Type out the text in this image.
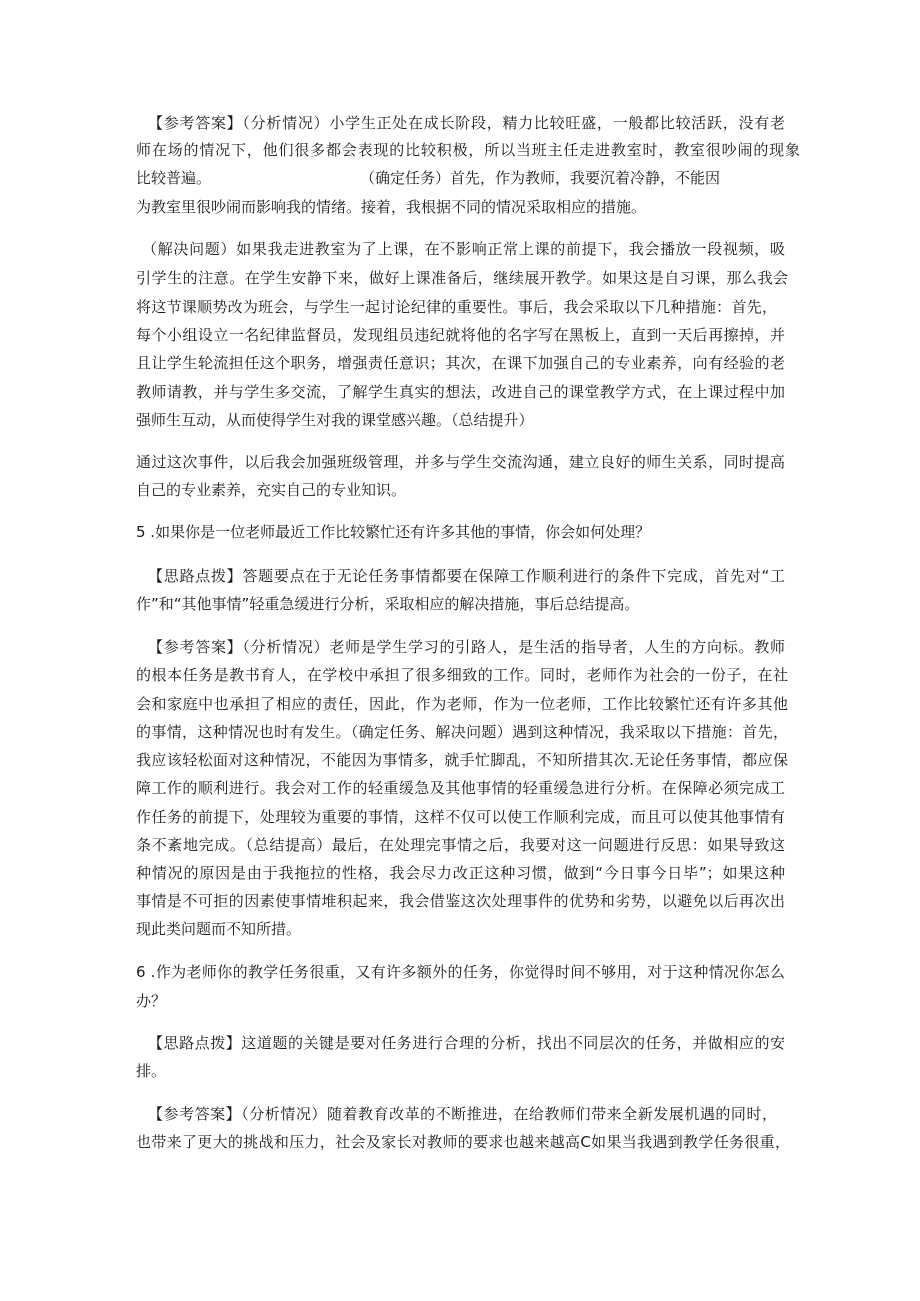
【参考答案】（分析情况）小学生正处在成长阶段，精力比较旺盛，一般都比较活跃，没有老
师在场的情况下，他们很多都会表现的比较积极，所以当班主任走进教室时，教室很吵闹的现象
比较普遍。	（确定任务）首先，作为教师，我要沉着冷静，不能因
为教室里很吵闹而影响我的情绪。接着，我根据不同的情况采取相应的措施。
（解决问题）如果我走进教室为了上课，在不影响正常上课的前提下，我会播放一段视频，吸
引学生的注意。在学生安静下来，做好上课准备后，继续展开教学。如果这是自习课，那么我会
将这节课顺势改为班会，与学生一起讨论纪律的重要性。事后，我会采取以下几种措施：首先，
每个小组设立一名纪律监督员，发现组员违纪就将他的名字写在黑板上，直到一天后再擦掉，并
且让学生轮流担任这个职务，增强责任意识；其次，在课下加强自己的专业素养，向有经验的老
教师请教，并与学生多交流，了解学生真实的想法，改进自己的课堂教学方式，在上课过程中加
强师生互动，从而使得学生对我的课堂感兴趣。（总结提升）
通过这次事件，以后我会加强班级管理，并多与学生交流沟通，建立良好的师生关系，同时提高
自己的专业素养，充实自己的专业知识。
5 .如果你是一位老师最近工作比较繁忙还有许多其他的事情，你会如何处理？
【思路点拨】答题要点在于无论任务事情都要在保障工作顺利进行的条件下完成，首先对“工
作”和“其他事情”轻重急缓进行分析，采取相应的解决措施，事后总结提高。
【参考答案】（分析情况）老师是学生学习的引路人，是生活的指导者，人生的方向标。教师
的根本任务是教书育人，在学校中承担了很多细致的工作。同时，老师作为社会的一份子，在社
会和家庭中也承担了相应的责任，因此，作为老师，作为一位老师，工作比较繁忙还有许多其他
的事情，这种情况也时有发生。（确定任务、解决问题）遇到这种情况，我采取以下措施：首先，
我应该轻松面对这种情况，不能因为事情多，就手忙脚乱，不知所措其次.无论任务事情，都应保
障工作的顺利进行。我会对工作的轻重缓急及其他事情的轻重缓急进行分析。在保障必须完成工
作任务的前提下，处理较为重要的事情，这样不仅可以使工作顺利完成，而且可以使其他事情有
条不紊地完成。（总结提高）最后，在处理完事情之后，我要对这一问题进行反思：如果导致这
种情况的原因是由于我拖拉的性格，我会尽力改正这种习惯，做到“今日事今日毕”；如果这种
事情是不可拒的因素使事情堆积起来，我会借鉴这次处理事件的优势和劣势，以避免以后再次出
现此类问题而不知所措。
6 .作为老师你的教学任务很重，又有许多额外的任务，你觉得时间不够用，对于这种情况你怎么
办？
【思路点拨】这道题的关键是要对任务进行合理的分析，找出不同层次的任务，并做相应的安
排。
【参考答案】（分析情况）随着教育改革的不断推进，在给教师们带来全新发展机遇的同时，
也带来了更大的挑战和压力，社会及家长对教师的要求也越来越高C如果当我遇到教学任务很重，
